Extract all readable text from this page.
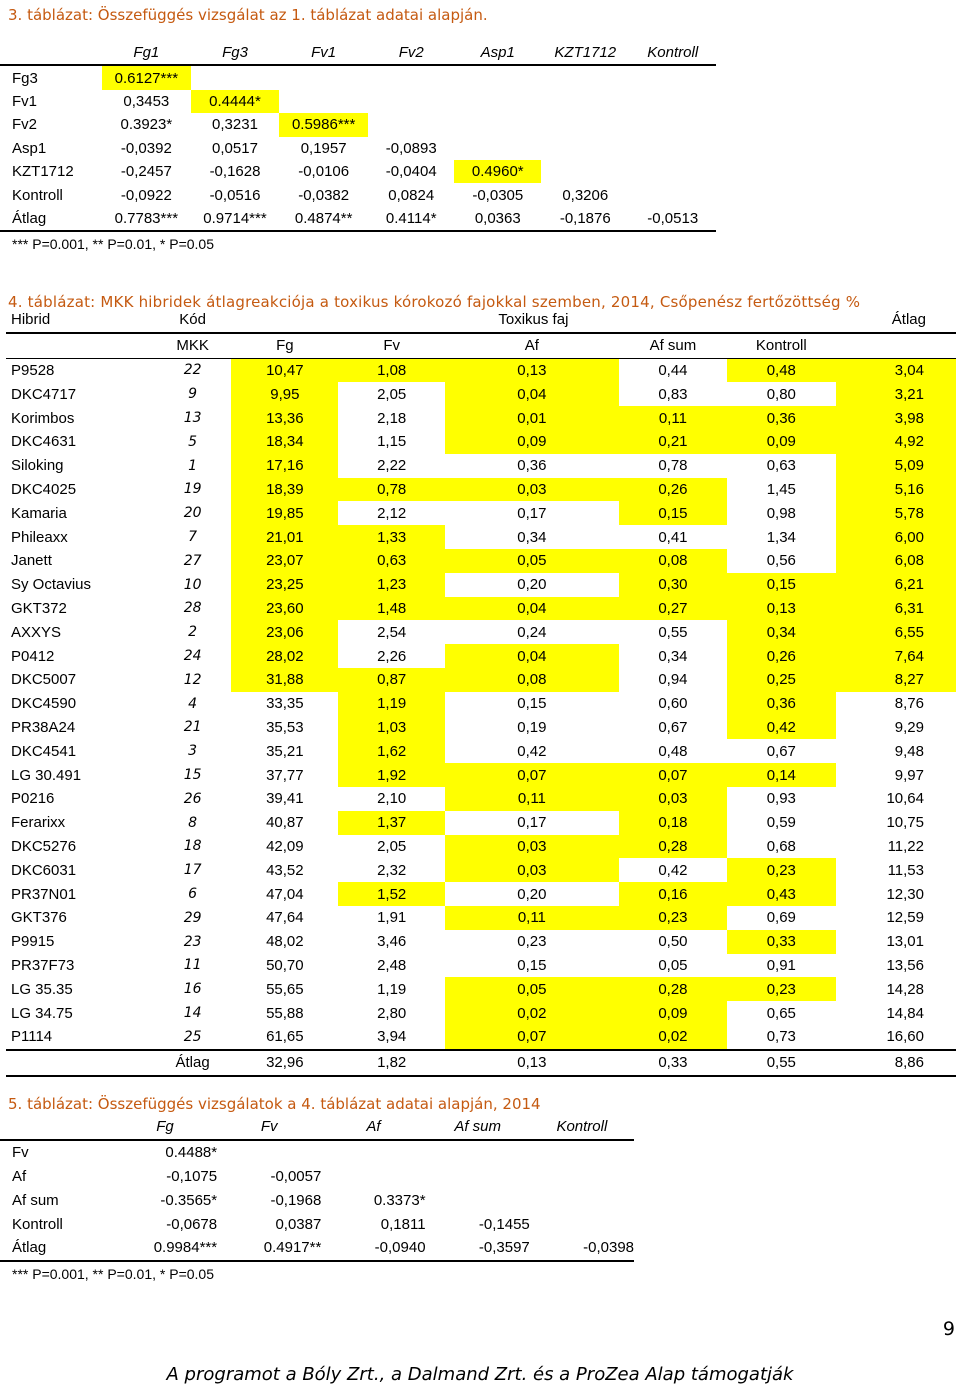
3. táblázat: Összefüggés vizsgálat az 1. táblázat adatai alapján.
	Fg1	Fg3	Fv1	Fv2	Asp1	KZT1712	Kontroll
Fg3	0.6127***						
Fv1	0,3453	0.4444*					
Fv2	0.3923*	0,3231	0.5986***				
Asp1	-0,0392	0,0517	0,1957	-0,0893			
KZT1712	-0,2457	-0,1628	-0,0106	-0,0404	0.4960*		
Kontroll	-0,0922	-0,0516	-0,0382	0,0824	-0,0305	0,3206	
Átlag	0.7783***	0.9714***	0.4874**	0.4114*	0,0363	-0,1876	-0,0513
*** P=0.001, ** P=0.01, * P=0.05							
4. táblázat: MKK hibridek átlagreakciója a toxikus kórokozó fajokkal szemben, 2014, Csőpenész fertőzöttség %
Hibrid	Kód	Toxikus faj					Átlag
	MKK	Fg	Fv	Af	Af sum	Kontroll	
P9528	22	10,47	1,08	0,13	0,44	0,48	3,04
DKC4717	9	9,95	2,05	0,04	0,83	0,80	3,21
Korimbos	13	13,36	2,18	0,01	0,11	0,36	3,98
DKC4631	5	18,34	1,15	0,09	0,21	0,09	4,92
Siloking	1	17,16	2,22	0,36	0,78	0,63	5,09
DKC4025	19	18,39	0,78	0,03	0,26	1,45	5,16
Kamaria	20	19,85	2,12	0,17	0,15	0,98	5,78
Phileaxx	7	21,01	1,33	0,34	0,41	1,34	6,00
Janett	27	23,07	0,63	0,05	0,08	0,56	6,08
Sy Octavius	10	23,25	1,23	0,20	0,30	0,15	6,21
GKT372	28	23,60	1,48	0,04	0,27	0,13	6,31
AXXYS	2	23,06	2,54	0,24	0,55	0,34	6,55
P0412	24	28,02	2,26	0,04	0,34	0,26	7,64
DKC5007	12	31,88	0,87	0,08	0,94	0,25	8,27
DKC4590	4	33,35	1,19	0,15	0,60	0,36	8,76
PR38A24	21	35,53	1,03	0,19	0,67	0,42	9,29
DKC4541	3	35,21	1,62	0,42	0,48	0,67	9,48
LG 30.491	15	37,77	1,92	0,07	0,07	0,14	9,97
P0216	26	39,41	2,10	0,11	0,03	0,93	10,64
Ferarixx	8	40,87	1,37	0,17	0,18	0,59	10,75
DKC5276	18	42,09	2,05	0,03	0,28	0,68	11,22
DKC6031	17	43,52	2,32	0,03	0,42	0,23	11,53
PR37N01	6	47,04	1,52	0,20	0,16	0,43	12,30
GKT376	29	47,64	1,91	0,11	0,23	0,69	12,59
P9915	23	48,02	3,46	0,23	0,50	0,33	13,01
PR37F73	11	50,70	2,48	0,15	0,05	0,91	13,56
LG 35.35	16	55,65	1,19	0,05	0,28	0,23	14,28
LG 34.75	14	55,88	2,80	0,02	0,09	0,65	14,84
P1114	25	61,65	3,94	0,07	0,02	0,73	16,60
	Átlag	32,96	1,82	0,13	0,33	0,55	8,86
5. táblázat: Összefüggés vizsgálatok a 4. táblázat adatai alapján, 2014
	Fg	Fv	Af	Af sum	Kontroll
Fv	0.4488*				
Af	-0,1075	-0,0057			
Af sum	-0.3565*	-0,1968	0.3373*		
Kontroll	-0,0678	0,0387	0,1811	-0,1455	
Átlag	0.9984***	0.4917**	-0,0940	-0,3597	-0,0398
*** P=0.001, ** P=0.01, * P=0.05					
9
A programot a Bóly Zrt., a Dalmand Zrt. és a ProZea Alap támogatják
